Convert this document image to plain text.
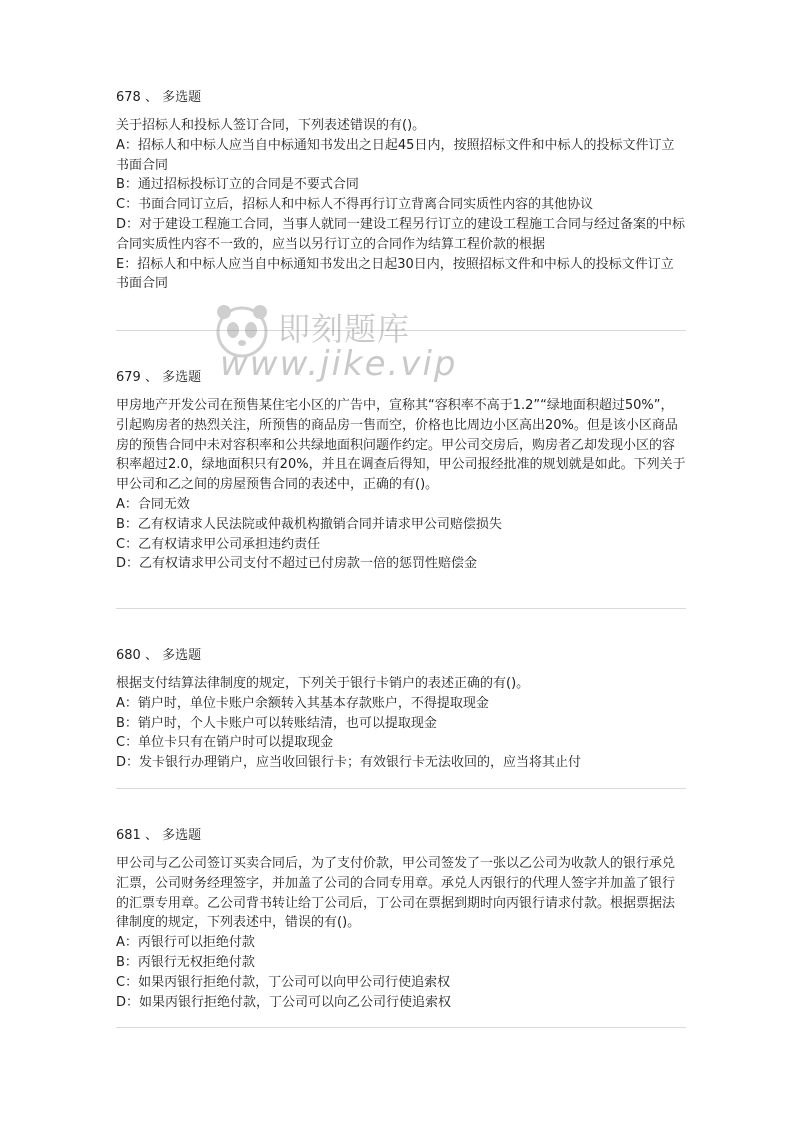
678 、 多选题
关于招标人和投标人签订合同，下列表述错误的有()。
A：招标人和中标人应当自中标通知书发出之日起45日内，按照招标文件和中标人的投标文件订立书面合同
B：通过招标投标订立的合同是不要式合同
C：书面合同订立后，招标人和中标人不得再行订立背离合同实质性内容的其他协议
D：对于建设工程施工合同，当事人就同一建设工程另行订立的建设工程施工合同与经过备案的中标合同实质性内容不一致的，应当以另行订立的合同作为结算工程价款的根据
E：招标人和中标人应当自中标通知书发出之日起30日内，按照招标文件和中标人的投标文件订立书面合同
679 、 多选题
甲房地产开发公司在预售某住宅小区的广告中，宣称其“容积率不高于1.2”“绿地面积超过50%”，引起购房者的热烈关注，所预售的商品房一售而空，价格也比周边小区高出20%。但是该小区商品房的预售合同中未对容积率和公共绿地面积问题作约定。甲公司交房后，购房者乙却发现小区的容积率超过2.0，绿地面积只有20%，并且在调查后得知，甲公司报经批准的规划就是如此。下列关于甲公司和乙之间的房屋预售合同的表述中，正确的有()。
A：合同无效
B：乙有权请求人民法院或仲裁机构撤销合同并请求甲公司赔偿损失
C：乙有权请求甲公司承担违约责任
D：乙有权请求甲公司支付不超过已付房款一倍的惩罚性赔偿金
680 、 多选题
根据支付结算法律制度的规定，下列关于银行卡销户的表述正确的有()。
A：销户时，单位卡账户余额转入其基本存款账户，不得提取现金
B：销户时，个人卡账户可以转账结清，也可以提取现金
C：单位卡只有在销户时可以提取现金
D：发卡银行办理销户，应当收回银行卡；有效银行卡无法收回的，应当将其止付
681 、 多选题
甲公司与乙公司签订买卖合同后，为了支付价款，甲公司签发了一张以乙公司为收款人的银行承兑汇票，公司财务经理签字，并加盖了公司的合同专用章。承兑人丙银行的代理人签字并加盖了银行的汇票专用章。乙公司背书转让给丁公司后，丁公司在票据到期时向丙银行请求付款。根据票据法律制度的规定，下列表述中，错误的有()。
A：丙银行可以拒绝付款
B：丙银行无权拒绝付款
C：如果丙银行拒绝付款，丁公司可以向甲公司行使追索权
D：如果丙银行拒绝付款，丁公司可以向乙公司行使追索权
即刻题库
www.jike.vip
